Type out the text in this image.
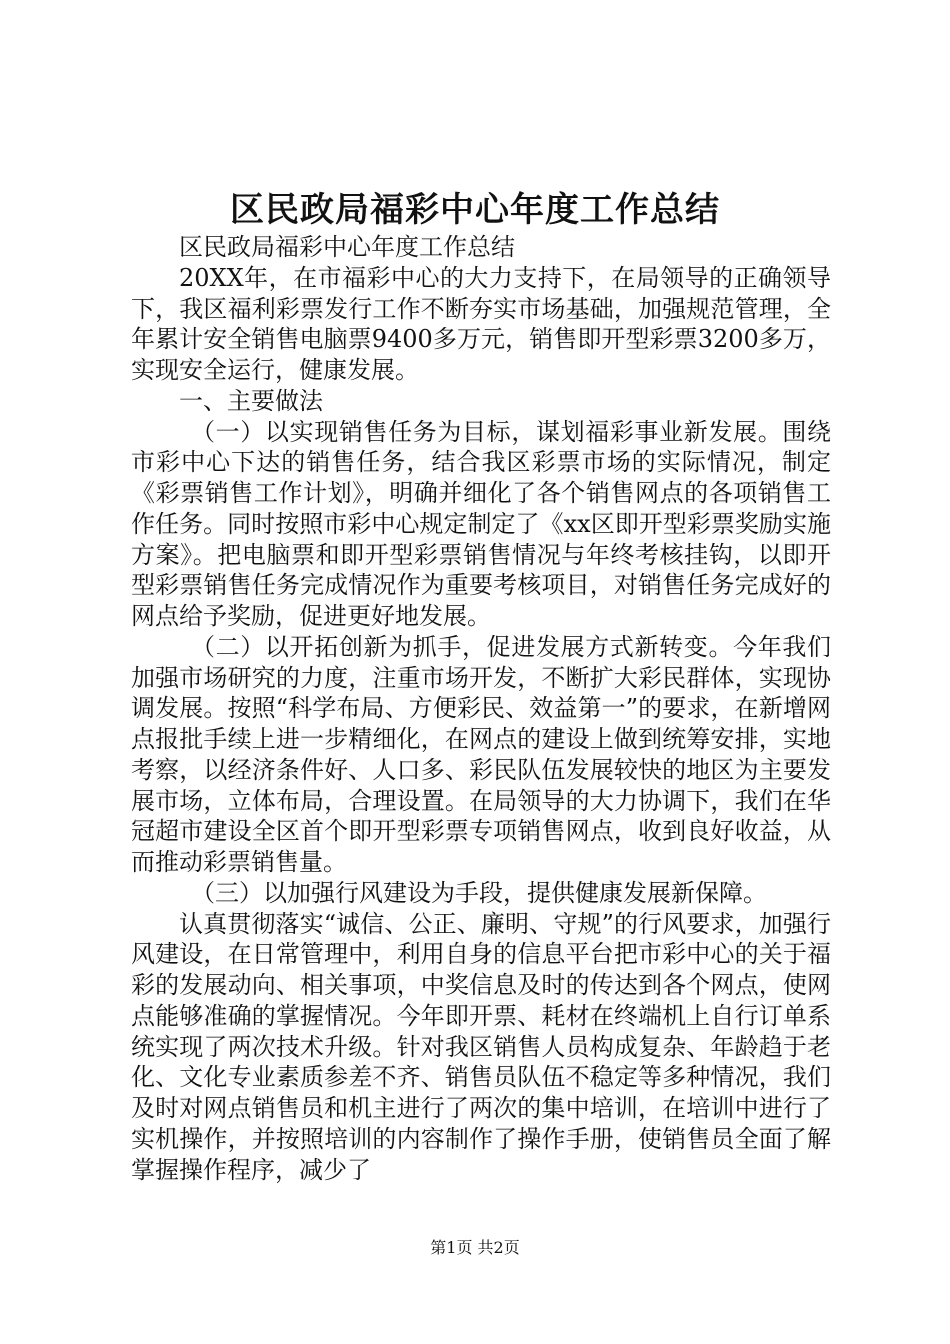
区民政局福彩中心年度工作总结

区民政局福彩中心年度工作总结

20XX年，在市福彩中心的大力支持下，在局领导的正确领导下，我区福利彩票发行工作不断夯实市场基础，加强规范管理，全年累计安全销售电脑票9400多万元，销售即开型彩票3200多万，实现安全运行，健康发展。

一、主要做法

（一）以实现销售任务为目标，谋划福彩事业新发展。围绕市彩中心下达的销售任务，结合我区彩票市场的实际情况，制定《彩票销售工作计划》，明确并细化了各个销售网点的各项销售工作任务。同时按照市彩中心规定制定了《xx区即开型彩票奖励实施方案》。把电脑票和即开型彩票销售情况与年终考核挂钩，以即开型彩票销售任务完成情况作为重要考核项目，对销售任务完成好的网点给予奖励，促进更好地发展。

（二）以开拓创新为抓手，促进发展方式新转变。今年我们加强市场研究的力度，注重市场开发，不断扩大彩民群体，实现协调发展。按照“科学布局、方便彩民、效益第一”的要求，在新增网点报批手续上进一步精细化，在网点的建设上做到统筹安排，实地考察，以经济条件好、人口多、彩民队伍发展较快的地区为主要发展市场，立体布局，合理设置。在局领导的大力协调下，我们在华冠超市建设全区首个即开型彩票专项销售网点，收到良好收益，从而推动彩票销售量。

（三）以加强行风建设为手段，提供健康发展新保障。

认真贯彻落实“诚信、公正、廉明、守规”的行风要求，加强行风建设，在日常管理中，利用自身的信息平台把市彩中心的关于福彩的发展动向、相关事项，中奖信息及时的传达到各个网点，使网点能够准确的掌握情况。今年即开票、耗材在终端机上自行订单系统实现了两次技术升级。针对我区销售人员构成复杂、年龄趋于老化、文化专业素质参差不齐、销售员队伍不稳定等多种情况，我们及时对网点销售员和机主进行了两次的集中培训，在培训中进行了实机操作，并按照培训的内容制作了操作手册，使销售员全面了解掌握操作程序，减少了

第1页 共2页
